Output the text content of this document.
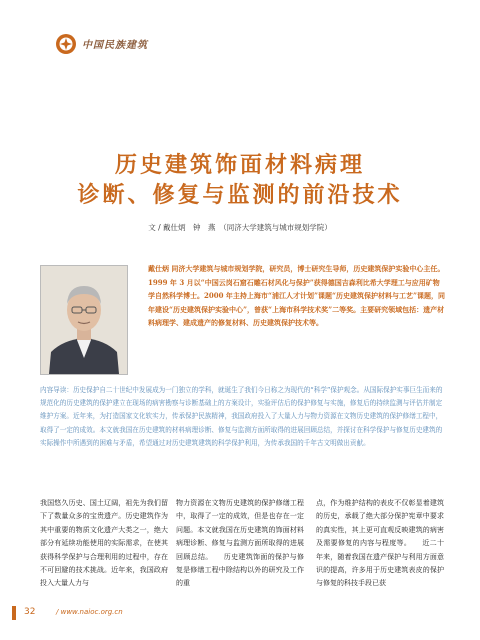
中国民族建筑
历史建筑饰面材料病理
诊断、修复与监测的前沿技术
文 / 戴仕炳　钟　燕　（同济大学建筑与城市规划学院）
戴仕炳 同济大学建筑与城市规划学院，研究员，博士研究生导师，历史建筑保护实验中心主任。1999 年 3 月以“中国云岗石窟石雕石材风化与保护”获得德国吉森利比希大学理工与应用矿物学自然科学博士。2000 年主持上海市“浦江人才计划”课题“历史建筑保护材料与工艺”课题，同年建设“历史建筑保护实验中心”，曾获“上海市科学技术奖”二等奖。主要研究领域包括：遗产材料病理学、建成遗产的修复材料、历史建筑保护技术等。
内容导读：历史保护自二十世纪中发展成为一门独立的学科，就诞生了我们今日称之为现代的“科学”保护观念。从国际保护实事巨生而来的规范化的历史建筑的保护建立在现场的病害勘察与诊断基础上的方案设计，实验评估后的保护修复与实施，修复后的持续监测与评估并制定维护方案。近年来，为打造国家文化软实力，传承保护民族精神，我国政府投入了大量人力与物力资源在文物历史建筑的保护修缮工程中，取得了一定的成效。本文就我国在历史建筑的材料病理诊断、修复与监测方面所取得的进展回顾总结，并探讨在科学保护与修复历史建筑的实际操作中所遇到的困难与矛盾，希望通过对历史建筑建筑的科学保护利用，为传承我国的千年古文明做出贡献。
我国悠久历史、国土辽阔，祖先为我们留下了数量众多的宝贵遗产。历史建筑作为其中重要的物质文化遗产大类之一，绝大部分有延续功能使用的实际需求，在使其获得科学保护与合理利用的过程中，存在不可回避的技术挑战。近年来，我国政府投入大量人力与
物力资源在文物历史建筑的保护修缮工程中，取得了一定的成效，但是也存在一定问题。本文就我国在历史建筑的饰面材料病理诊断、修复与监测方面所取得的进展回顾总结。　　历史建筑饰面的保护与修复是修缮工程中除结构以外的研究及工作的重
点，作为维护结构的表皮不仅彰显着建筑的历史，承载了绝大部分保护宪章中要求的真实性，其上更可直观反映建筑的病害及需要修复的内容与程度等。　　近二十年来，随着我国在遗产保护与利用方面意识的提高，许多用于历史建筑表皮的保护与修复的科技手段已获
32	/ www.naioc.org.cn
